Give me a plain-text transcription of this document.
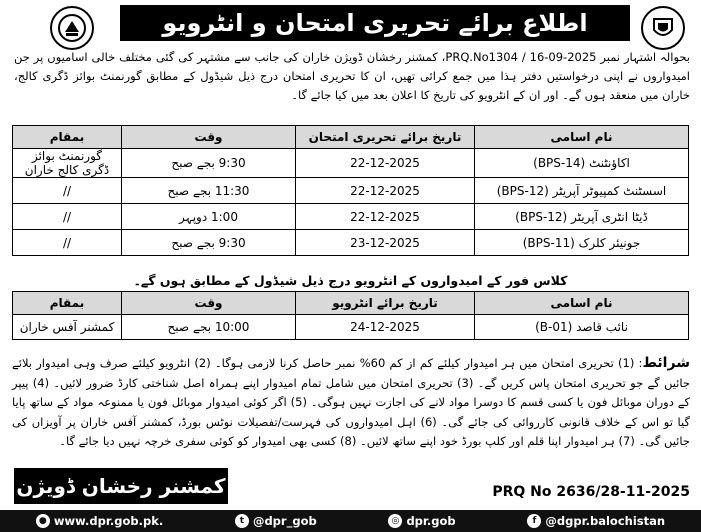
اطلاع برائے تحریری امتحان و انٹرویو
بحوالہ اشتہار نمبر PRQ.No1304 / 16-09-2025، کمشنر رخشان ڈویژن خاران کی جانب سے مشتہر کی گئی مختلف خالی اسامیوں پر جن امیدواروں نے اپنی درخواستیں دفتر ہذا میں جمع کرائی تھیں، ان کا تحریری امتحان درج ذیل شیڈول کے مطابق گورنمنٹ بوائز ڈگری کالج، خاران میں منعقد ہوں گے۔ اور ان کے انٹرویو کی تاریخ کا اعلان بعد میں کیا جائے گا۔
نام اسامی	تاریخ برائے تحریری امتحان	وقت	بمقام
اکاؤنٹنٹ (BPS-14)	22-12-2025	9:30 بجے صبح	گورنمنٹ بوائز ڈگری کالج خاران
اسسٹنٹ کمپیوٹر آپریٹر (BPS-12)	22-12-2025	11:30 بجے صبح	//
ڈیٹا انٹری آپریٹر (BPS-12)	22-12-2025	1:00 دوپہر	//
جونیئر کلرک (BPS-11)	23-12-2025	9:30 بجے صبح	//
کلاس فور کے امیدواروں کے انٹرویو درج ذیل شیڈول کے مطابق ہوں گے۔
نام اسامی	تاریخ برائے انٹرویو	وقت	بمقام
نائب قاصد (B-01)	24-12-2025	10:00 بجے صبح	کمشنر آفس خاران
شرائط: (1) تحریری امتحان میں ہر امیدوار کیلئے کم از کم 60% نمبر حاصل کرنا لازمی ہوگا۔ (2) انٹرویو کیلئے صرف وہی امیدوار بلائے جائیں گے جو تحریری امتحان پاس کریں گے۔ (3) تحریری امتحان میں شامل تمام امیدوار اپنے ہمراہ اصل شناختی کارڈ ضرور لائیں۔ (4) پیپر کے دوران موبائل فون یا کسی قسم کا دوسرا مواد لانے کی اجازت نہیں ہوگی۔ (5) اگر کوئی امیدوار موبائل فون یا ممنوعہ مواد کے ساتھ پایا گیا تو اس کے خلاف قانونی کارروائی کی جائے گی۔ (6) اہل امیدواروں کی فہرست/تفصیلات نوٹس بورڈ، کمشنر آفس خاران پر آویزاں کی جائیں گی۔ (7) ہر امیدوار اپنا قلم اور کلپ بورڈ خود اپنے ساتھ لائیں۔ (8) کسی بھی امیدوار کو کوئی سفری خرچہ نہیں دیا جائے گا۔
کمشنر رخشان ڈویژن	PRQ No 2636/28-11-2025
● www.dpr.gob.pk.	t @dpr_gob	◎ dpr.gob	f @dgpr.balochistan
